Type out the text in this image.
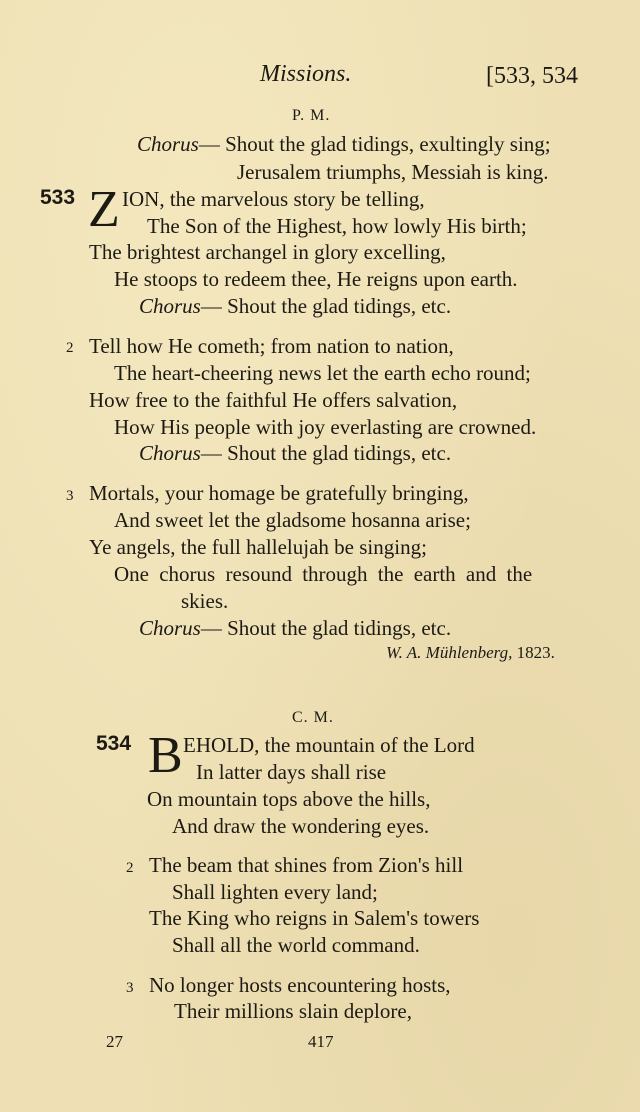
Missions.	[533, 534
P. M.
Chorus— Shout the glad tidings, exultingly sing;
Jerusalem triumphs, Messiah is king.
533 Z ION, the marvelous story be telling,
The Son of the Highest, how lowly His birth;
The brightest archangel in glory excelling,
He stoops to redeem thee, He reigns upon earth.
Chorus— Shout the glad tidings, etc.
2 Tell how He cometh; from nation to nation,
The heart-cheering news let the earth echo round;
How free to the faithful He offers salvation,
How His people with joy everlasting are crowned.
Chorus— Shout the glad tidings, etc.
3 Mortals, your homage be gratefully bringing,
And sweet let the gladsome hosanna arise;
Ye angels, the full hallelujah be singing;
One chorus resound through the earth and the
skies.
Chorus— Shout the glad tidings, etc.
W. A. Mühlenberg, 1823.
C. M.
534 B EHOLD, the mountain of the Lord
In latter days shall rise
On mountain tops above the hills,
And draw the wondering eyes.
2 The beam that shines from Zion's hill
Shall lighten every land;
The King who reigns in Salem's towers
Shall all the world command.
3 No longer hosts encountering hosts,
Their millions slain deplore,
27	417
